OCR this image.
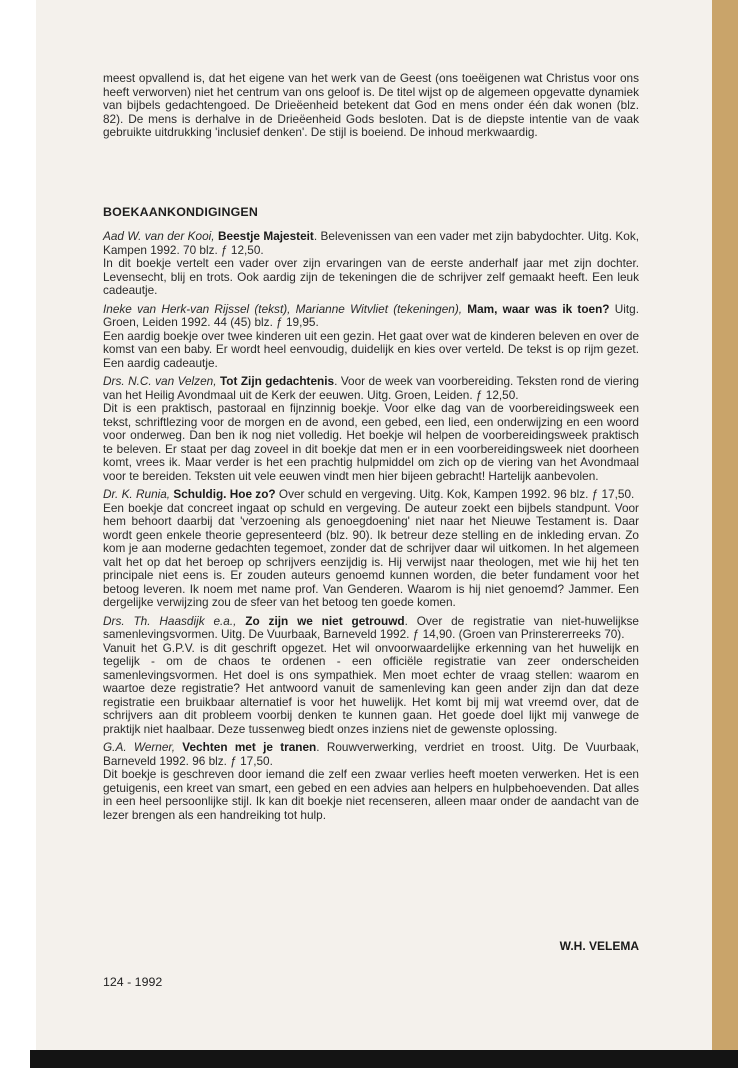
meest opvallend is, dat het eigene van het werk van de Geest (ons toeëigenen wat Christus voor ons heeft verworven) niet het centrum van ons geloof is. De titel wijst op de algemeen opgevatte dynamiek van bijbels gedachtengoed. De Drieëenheid betekent dat God en mens onder één dak wonen (blz. 82). De mens is derhalve in de Drieëenheid Gods besloten. Dat is de diepste intentie van de vaak gebruikte uitdrukking 'inclusief denken'. De stijl is boeiend. De inhoud merkwaardig.

BOEKAANKONDIGINGEN

Aad W. van der Kooi, Beestje Majesteit. Belevenissen van een vader met zijn babydochter. Uitg. Kok, Kampen 1992. 70 blz. ƒ 12,50.

In dit boekje vertelt een vader over zijn ervaringen van de eerste anderhalf jaar met zijn dochter. Levensecht, blij en trots. Ook aardig zijn de tekeningen die de schrijver zelf gemaakt heeft. Een leuk cadeautje.

Ineke van Herk-van Rijssel (tekst), Marianne Witvliet (tekeningen), Mam, waar was ik toen? Uitg. Groen, Leiden 1992. 44 (45) blz. ƒ 19,95.

Een aardig boekje over twee kinderen uit een gezin. Het gaat over wat de kinderen beleven en over de komst van een baby. Er wordt heel eenvoudig, duidelijk en kies over verteld. De tekst is op rijm gezet. Een aardig cadeautje.

Drs. N.C. van Velzen, Tot Zijn gedachtenis. Voor de week van voorbereiding. Teksten rond de viering van het Heilig Avondmaal uit de Kerk der eeuwen. Uitg. Groen, Leiden. ƒ 12,50.

Dit is een praktisch, pastoraal en fijnzinnig boekje. Voor elke dag van de voorbereidingsweek een tekst, schriftlezing voor de morgen en de avond, een gebed, een lied, een onderwijzing en een woord voor onderweg. Dan ben ik nog niet volledig. Het boekje wil helpen de voorbereidingsweek praktisch te beleven. Er staat per dag zoveel in dit boekje dat men er in een voorbereidingsweek niet doorheen komt, vrees ik. Maar verder is het een prachtig hulpmiddel om zich op de viering van het Avondmaal voor te bereiden. Teksten uit vele eeuwen vindt men hier bijeen gebracht! Hartelijk aanbevolen.

Dr. K. Runia, Schuldig. Hoe zo? Over schuld en vergeving. Uitg. Kok, Kampen 1992. 96 blz. ƒ 17,50.

Een boekje dat concreet ingaat op schuld en vergeving. De auteur zoekt een bijbels standpunt. Voor hem behoort daarbij dat 'verzoening als genoegdoening' niet naar het Nieuwe Testament is. Daar wordt geen enkele theorie gepresenteerd (blz. 90). Ik betreur deze stelling en de inkleding ervan. Zo kom je aan moderne gedachten tegemoet, zonder dat de schrijver daar wil uitkomen. In het algemeen valt het op dat het beroep op schrijvers eenzijdig is. Hij verwijst naar theologen, met wie hij het ten principale niet eens is. Er zouden auteurs genoemd kunnen worden, die beter fundament voor het betoog leveren. Ik noem met name prof. Van Genderen. Waarom is hij niet genoemd? Jammer. Een dergelijke verwijzing zou de sfeer van het betoog ten goede komen.

Drs. Th. Haasdijk e.a., Zo zijn we niet getrouwd. Over de registratie van niet-huwelijkse samenlevingsvormen. Uitg. De Vuurbaak, Barneveld 1992. ƒ 14,90. (Groen van Prinstererreeks 70).

Vanuit het G.P.V. is dit geschrift opgezet. Het wil onvoorwaardelijke erkenning van het huwelijk en tegelijk - om de chaos te ordenen - een officiële registratie van zeer onderscheiden samenlevingsvormen. Het doel is ons sympathiek. Men moet echter de vraag stellen: waarom en waartoe deze registratie? Het antwoord vanuit de samenleving kan geen ander zijn dan dat deze registratie een bruikbaar alternatief is voor het huwelijk. Het komt bij mij wat vreemd over, dat de schrijvers aan dit probleem voorbij denken te kunnen gaan. Het goede doel lijkt mij vanwege de praktijk niet haalbaar. Deze tussenweg biedt onzes inziens niet de gewenste oplossing.

G.A. Werner, Vechten met je tranen. Rouwverwerking, verdriet en troost. Uitg. De Vuurbaak, Barneveld 1992. 96 blz. ƒ 17,50.

Dit boekje is geschreven door iemand die zelf een zwaar verlies heeft moeten verwerken. Het is een getuigenis, een kreet van smart, een gebed en een advies aan helpers en hulpbehoevenden. Dat alles in een heel persoonlijke stijl. Ik kan dit boekje niet recenseren, alleen maar onder de aandacht van de lezer brengen als een handreiking tot hulp.

W.H. VELEMA

124 - 1992
